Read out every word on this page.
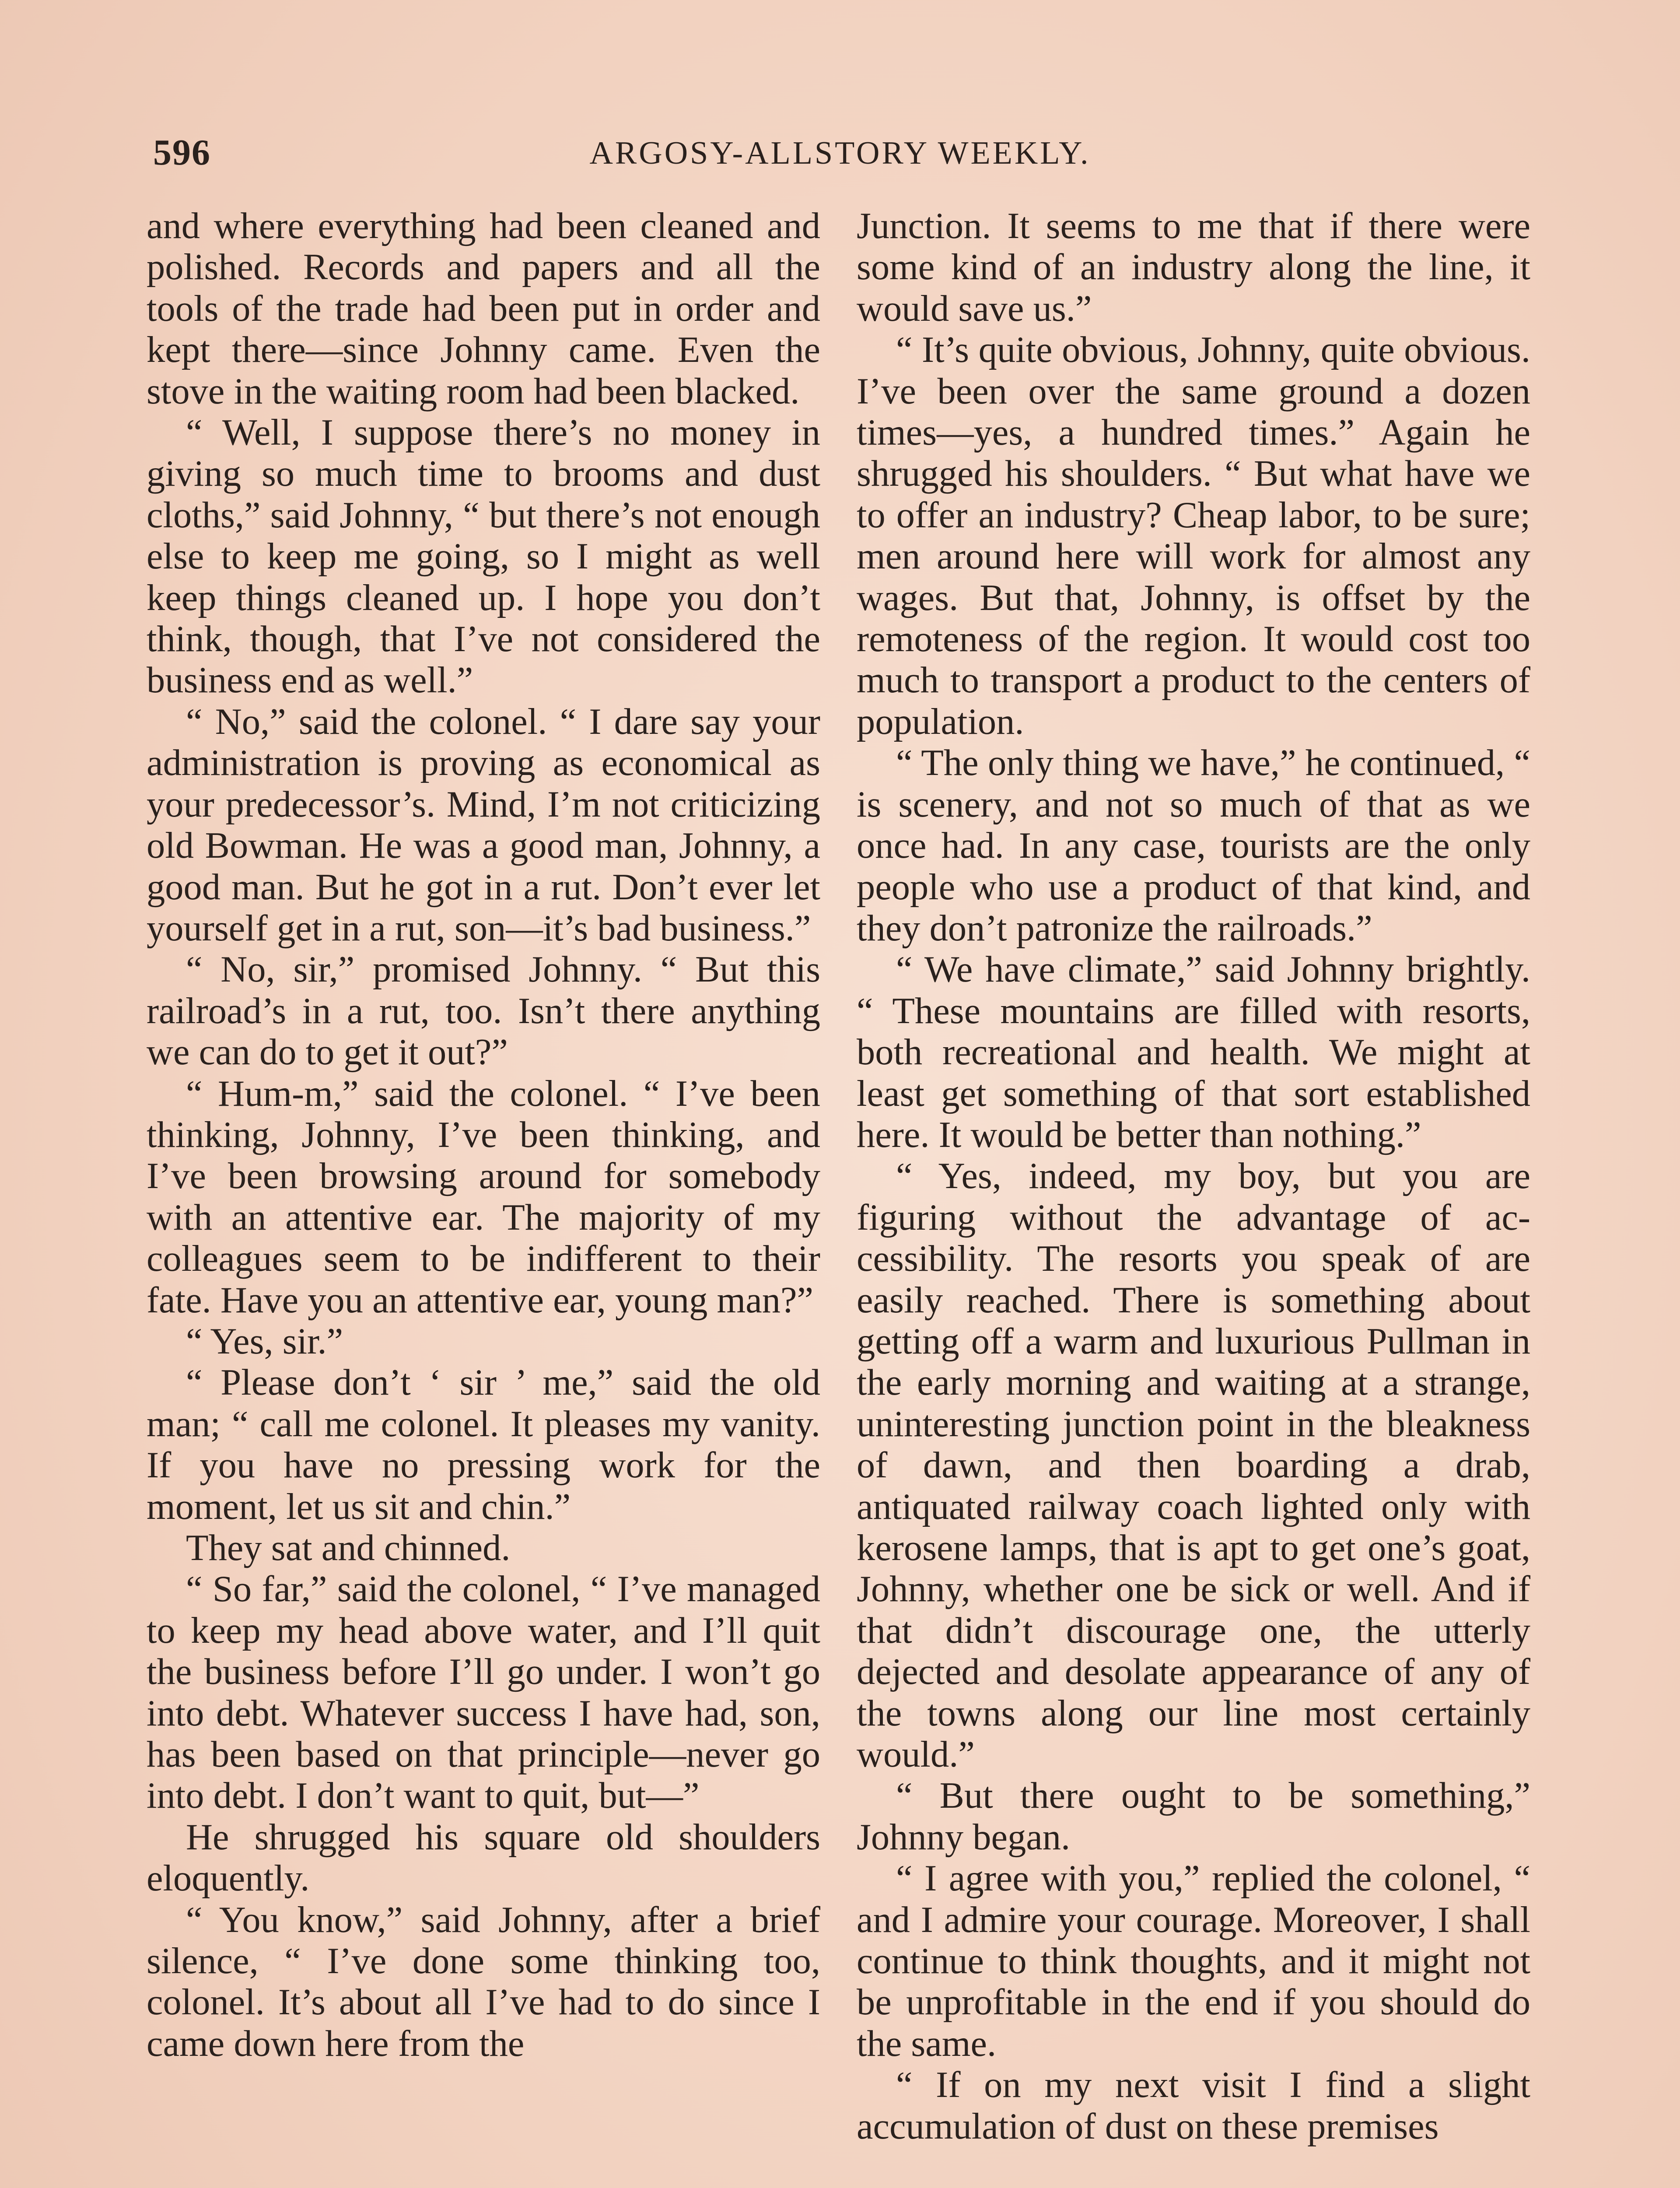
596	ARGOSY-ALLSTORY WEEKLY.

and where everything had been cleaned and polished. Records and papers and all the tools of the trade had been put in order and kept there—since Johnny came. Even the stove in the waiting room had been blacked.

“ Well, I suppose there’s no money in giving so much time to brooms and dust cloths,” said Johnny, “ but there’s not enough else to keep me going, so I might as well keep things cleaned up. I hope you don’t think, though, that I’ve not considered the business end as well.”

“ No,” said the colonel. “ I dare say your administration is proving as economical as your predecessor’s. Mind, I’m not criticizing old Bowman. He was a good man, Johnny, a good man. But he got in a rut. Don’t ever let yourself get in a rut, son—it’s bad business.”

“ No, sir,” promised Johnny. “ But this railroad’s in a rut, too. Isn’t there anything we can do to get it out?”

“ Hum-m,” said the colonel. “ I’ve been thinking, Johnny, I’ve been thinking, and I’ve been browsing around for somebody with an attentive ear. The majority of my colleagues seem to be indifferent to their fate. Have you an attentive ear, young man?”

“ Yes, sir.”

“ Please don’t ‘ sir ’ me,” said the old man; “ call me colonel. It pleases my vanity. If you have no pressing work for the moment, let us sit and chin.”

They sat and chinned.

“ So far,” said the colonel, “ I’ve managed to keep my head above water, and I’ll quit the business before I’ll go under. I won’t go into debt. Whatever success I have had, son, has been based on that principle—never go into debt. I don’t want to quit, but—”

He shrugged his square old shoulders eloquently.

“ You know,” said Johnny, after a brief silence, “ I’ve done some thinking too, colonel. It’s about all I’ve had to do since I came down here from the

Junction. It seems to me that if there were some kind of an industry along the line, it would save us.”

“ It’s quite obvious, Johnny, quite obvious. I’ve been over the same ground a dozen times—yes, a hundred times.” Again he shrugged his shoulders. “ But what have we to offer an industry? Cheap labor, to be sure; men around here will work for almost any wages. But that, Johnny, is offset by the remoteness of the region. It would cost too much to transport a product to the centers of population.

“ The only thing we have,” he continued, “ is scenery, and not so much of that as we once had. In any case, tourists are the only people who use a product of that kind, and they don’t patronize the railroads.”

“ We have climate,” said Johnny brightly. “ These mountains are filled with resorts, both recreational and health. We might at least get something of that sort established here. It would be better than nothing.”

“ Yes, indeed, my boy, but you are figuring without the advantage of accessibility. The resorts you speak of are easily reached. There is something about getting off a warm and luxurious Pullman in the early morning and waiting at a strange, uninteresting junction point in the bleakness of dawn, and then boarding a drab, antiquated railway coach lighted only with kerosene lamps, that is apt to get one’s goat, Johnny, whether one be sick or well. And if that didn’t discourage one, the utterly dejected and desolate appearance of any of the towns along our line most certainly would.”

“ But there ought to be something,” Johnny began.

“ I agree with you,” replied the colonel, “ and I admire your courage. Moreover, I shall continue to think thoughts, and it might not be unprofitable in the end if you should do the same.

“ If on my next visit I find a slight accumulation of dust on these premises
